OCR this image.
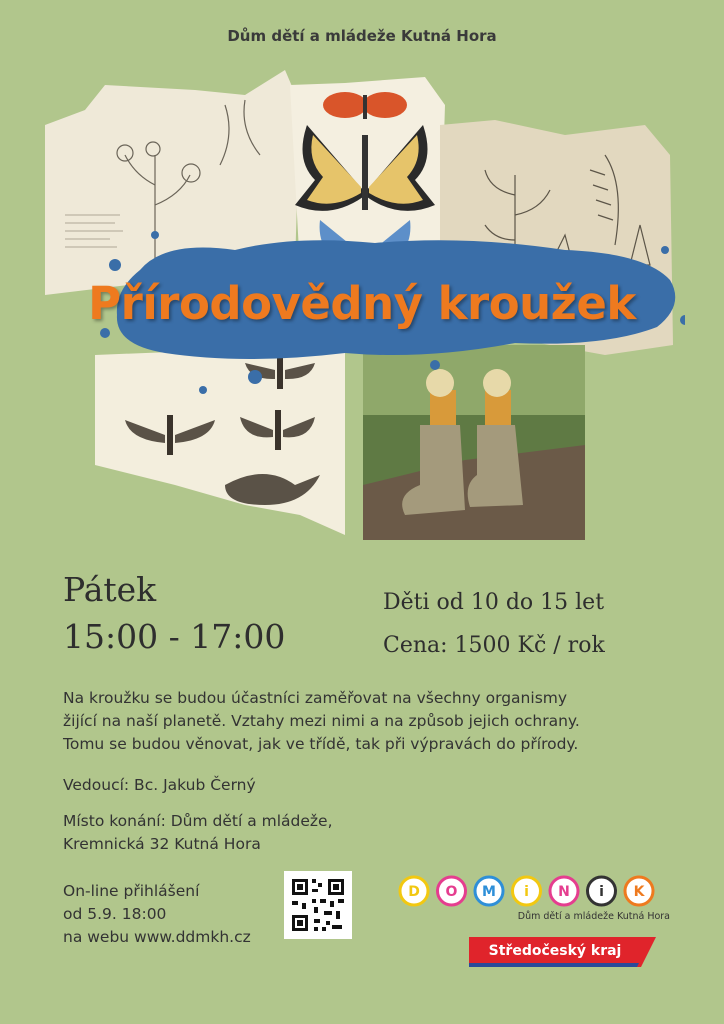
Dům dětí a mládeže Kutná Hora
Přírodovědný kroužek
Pátek
15:00 - 17:00
Děti od 10 do 15 let
Cena: 1500 Kč / rok
Na kroužku se budou účastníci zaměřovat na všechny organismy
žijící na naší planetě. Vztahy mezi nimi a na způsob jejich ochrany.
Tomu se budou věnovat, jak ve třídě, tak při výpravách do přírody.
Vedoucí: Bc. Jakub Černý
Místo konání: Dům dětí a mládeže,
Kremnická 32 Kutná Hora
On-line přihlášení
od 5.9. 18:00
na webu www.ddmkh.cz
D O M i N i K
Dům dětí a mládeže Kutná Hora
Středočeský kraj
